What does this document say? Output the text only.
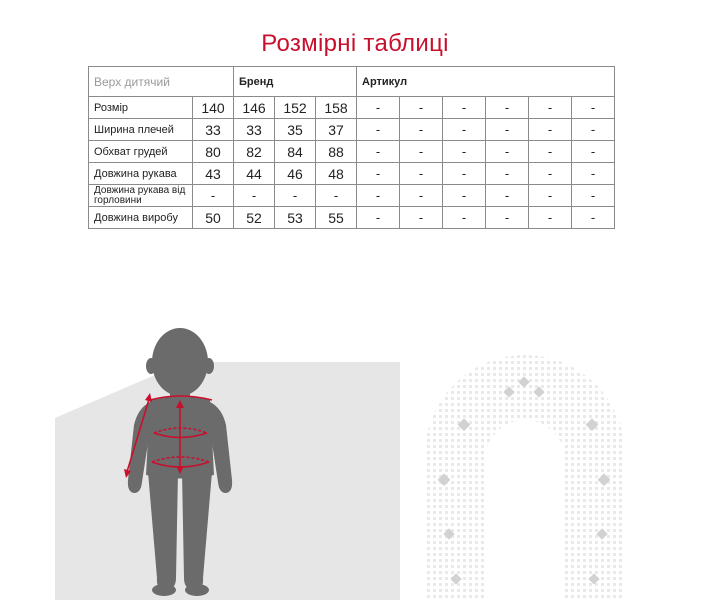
Розмірні таблиці
Верх дитячий		Бренд			Артикул					
Розмір	140	146	152	158	-	-	-	-	-	-
Ширина плечей	33	33	35	37	-	-	-	-	-	-
Обхват грудей	80	82	84	88	-	-	-	-	-	-
Довжина рукава	43	44	46	48	-	-	-	-	-	-
Довжина рукава від горловини	-	-	-	-	-	-	-	-	-	-
Довжина виробу	50	52	53	55	-	-	-	-	-	-
